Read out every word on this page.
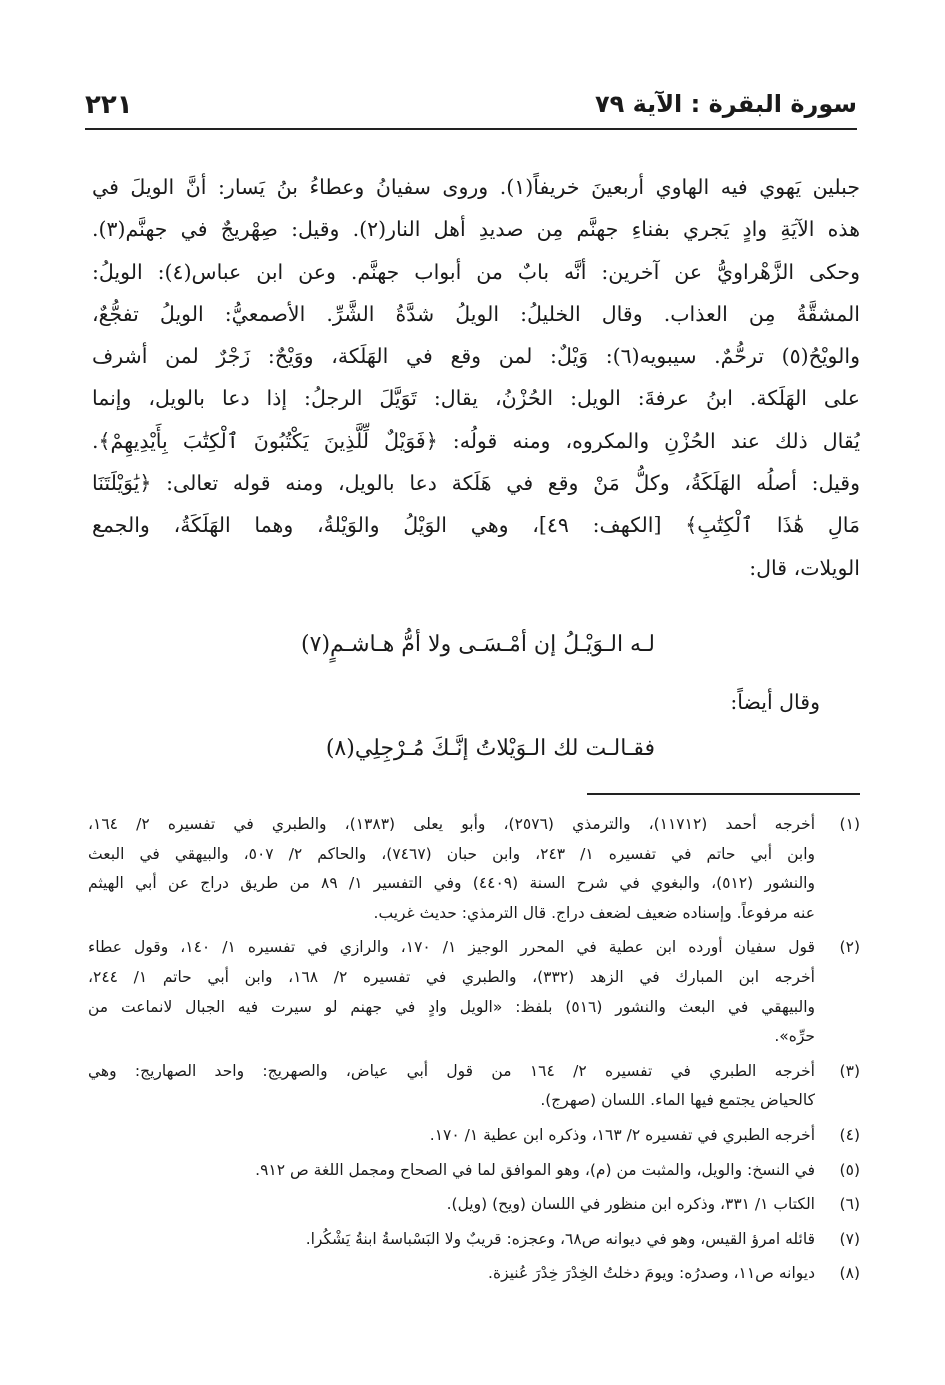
سورة البقرة : الآية ٧٩
٢٢١
جبلين يَهوي فيه الهاوي أربعينَ خريفاً(١). وروى سفيانُ وعطاءُ بنُ يَسار: أنَّ الويلَ في
هذه الآيَةِ وادٍ يَجري بفناءِ جهنَّم مِن صديدِ أهل النار(٢). وقيل: صِهْريجٌ في جهنَّم(٣).
وحكى الزَّهْراويُّ عن آخرين: أنَّه بابٌ من أبواب جهنَّم. وعن ابن عباس(٤): الويلُ:
المشقَّةُ مِن العذاب. وقال الخليلُ: الويلُ شدَّةُ الشَّرِّ. الأصمعيُّ: الويلُ تفجُّعٌ،
والويْحُ(٥) ترحُّمٌ. سيبويه(٦): وَيْلٌ: لمن وقع في الهَلَكة، ووَيْحٌ: زَجْرٌ لمن أشرف
على الهَلَكة. ابنُ عرفةَ: الويل: الحُزْنُ، يقال: تَوَيَّلَ الرجلُ: إذا دعا بالويل، وإنما
يُقال ذلك عند الحُزْنِ والمكروه، ومنه قولُه: ﴿فَوَيْلٌ لِّلَّذِينَ يَكْتُبُونَ ٱلْكِتَٰبَ بِأَيْدِيهِمْ﴾.
وقيل: أصلُه الهَلَكَةُ، وكلُّ مَنْ وقع في هَلَكة دعا بالويل، ومنه قوله تعالى: ﴿يَٰوَيْلَتَنَا
مَالِ هَٰذَا ٱلْكِتَٰبِ﴾ [الكهف: ٤٩]، وهي الوَيْلُ والوَيْلةُ، وهما الهَلَكَةُ، والجمع
الويلات، قال:
لـه الـوَيْـلُ إن أمْـسَـى ولا أمُّ هـاشـمٍ(٧)
وقال أيضاً:
فقـالـت لك الـوَيْلاتُ إنَّـكَ مُـرْجِلِي(٨)
(١)
أخرجه أحمد (١١٧١٢)، والترمذي (٢٥٧٦)، وأبو يعلى (١٣٨٣)، والطبري في تفسيره ٢/ ١٦٤،
وابن أبي حاتم في تفسيره ١/ ٢٤٣، وابن حبان (٧٤٦٧)، والحاكم ٢/ ٥٠٧، والبيهقي في البعث
والنشور (٥١٢)، والبغوي في شرح السنة (٤٤٠٩) وفي التفسير ١/ ٨٩ من طريق دراج عن أبي الهيثم
عنه مرفوعاً. وإسناده ضعيف لضعف دراج. قال الترمذي: حديث غريب.
(٢)
قول سفيان أورده ابن عطية في المحرر الوجيز ١/ ١٧٠، والرازي في تفسيره ١/ ١٤٠، وقول عطاء
أخرجه ابن المبارك في الزهد (٣٣٢)، والطبري في تفسيره ٢/ ١٦٨، وابن أبي حاتم ١/ ٢٤٤،
والبيهقي في البعث والنشور (٥١٦) بلفظ: «الويل وادٍ في جهنم لو سيرت فيه الجبال لانماعت من
حرِّه».
(٣)
أخرجه الطبري في تفسيره ٢/ ١٦٤ من قول أبي عياض، والصهريج: واحد الصهاريج: وهي
كالحياض يجتمع فيها الماء. اللسان (صهرج).
(٤)
أخرجه الطبري في تفسيره ٢/ ١٦٣، وذكره ابن عطية ١/ ١٧٠.
(٥)
في النسخ: والويل، والمثبت من (م)، وهو الموافق لما في الصحاح ومجمل اللغة ص ٩١٢.
(٦)
الكتاب ١/ ٣٣١، وذكره ابن منظور في اللسان (ويح) (ويل).
(٧)
قائله امرؤ القيس، وهو في ديوانه ص٦٨، وعجزه: قريبٌ ولا البَسْباسةُ ابنةُ يَشْكُرا.
(٨)
ديوانه ص١١، وصدرُه: ويومَ دخلتُ الخِدْرَ خِدْرَ عُنيزة.
